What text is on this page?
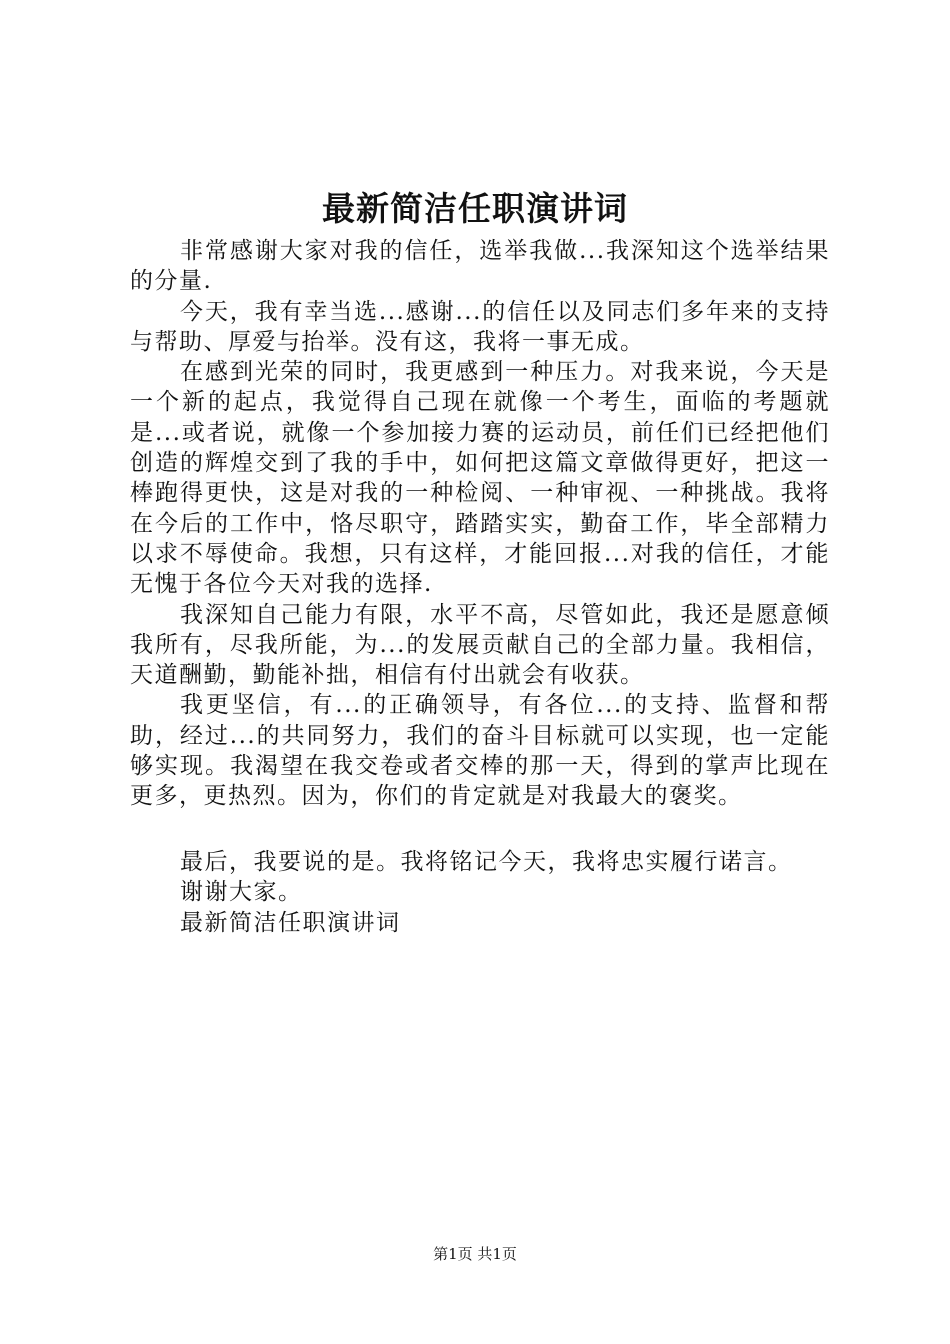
最新简洁任职演讲词

非常感谢大家对我的信任，选举我做...我深知这个选举结果的分量.

今天，我有幸当选...感谢...的信任以及同志们多年来的支持与帮助、厚爱与抬举。没有这，我将一事无成。

在感到光荣的同时，我更感到一种压力。对我来说，今天是一个新的起点，我觉得自己现在就像一个考生，面临的考题就是...或者说，就像一个参加接力赛的运动员，前任们已经把他们创造的辉煌交到了我的手中，如何把这篇文章做得更好，把这一棒跑得更快，这是对我的一种检阅、一种审视、一种挑战。我将在今后的工作中，恪尽职守，踏踏实实，勤奋工作，毕全部精力以求不辱使命。我想，只有这样，才能回报...对我的信任，才能无愧于各位今天对我的选择.

我深知自己能力有限，水平不高，尽管如此，我还是愿意倾我所有，尽我所能，为...的发展贡献自己的全部力量。我相信，天道酬勤，勤能补拙，相信有付出就会有收获。

我更坚信，有...的正确领导，有各位...的支持、监督和帮助，经过...的共同努力，我们的奋斗目标就可以实现，也一定能够实现。我渴望在我交卷或者交棒的那一天，得到的掌声比现在更多，更热烈。因为，你们的肯定就是对我最大的褒奖。

最后，我要说的是。我将铭记今天，我将忠实履行诺言。
谢谢大家。
最新简洁任职演讲词
第1页 共1页
